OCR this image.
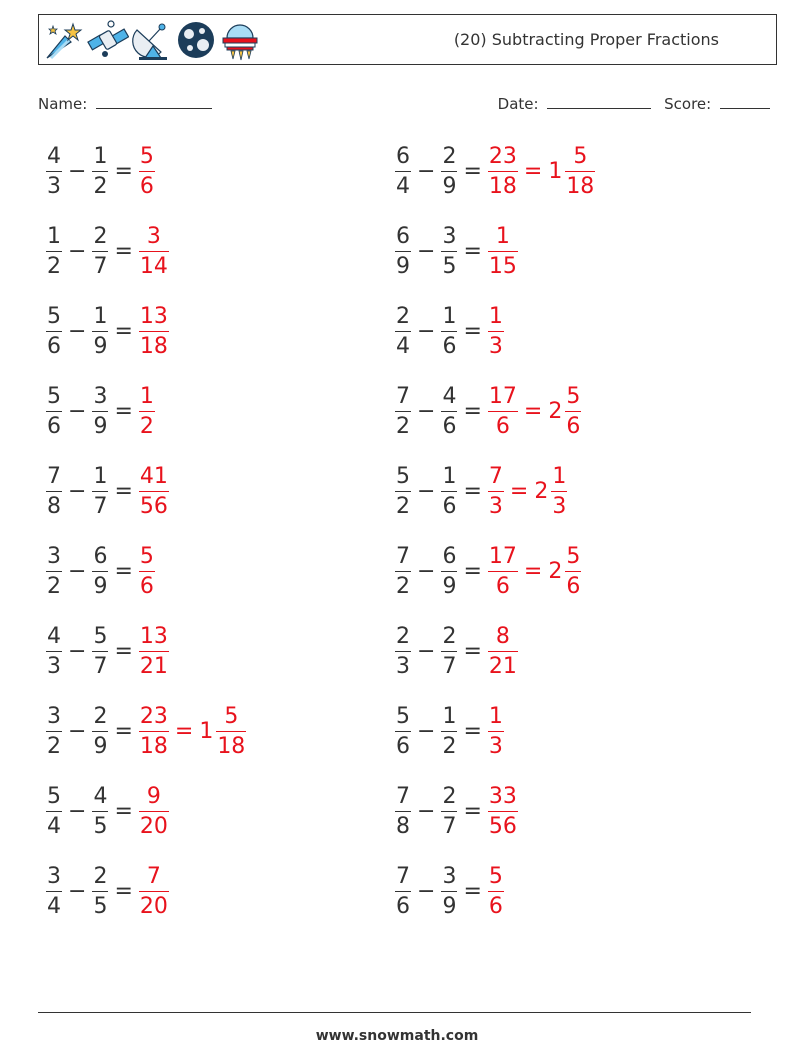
(20) Subtracting Proper Fractions
Name:	Date:	Score:
$\frac{4}{3} - \frac{1}{2} = \frac{5}{6}$
$\frac{1}{2} - \frac{2}{7} = \frac{3}{14}$
$\frac{5}{6} - \frac{1}{9} = \frac{13}{18}$
$\frac{5}{6} - \frac{3}{9} = \frac{1}{2}$
$\frac{7}{8} - \frac{1}{7} = \frac{41}{56}$
$\frac{3}{2} - \frac{6}{9} = \frac{5}{6}$
$\frac{4}{3} - \frac{5}{7} = \frac{13}{21}$
$\frac{3}{2} - \frac{2}{9} = \frac{23}{18} = 1 \frac{5}{18}$
$\frac{5}{4} - \frac{4}{5} = \frac{9}{20}$
$\frac{3}{4} - \frac{2}{5} = \frac{7}{20}$
$\frac{6}{4} - \frac{2}{9} = \frac{23}{18} = 1 \frac{5}{18}$
$\frac{6}{9} - \frac{3}{5} = \frac{1}{15}$
$\frac{2}{4} - \frac{1}{6} = \frac{1}{3}$
$\frac{7}{2} - \frac{4}{6} = \frac{17}{6} = 2 \frac{5}{6}$
$\frac{5}{2} - \frac{1}{6} = \frac{7}{3} = 2 \frac{1}{3}$
$\frac{7}{2} - \frac{6}{9} = \frac{17}{6} = 2 \frac{5}{6}$
$\frac{2}{3} - \frac{2}{7} = \frac{8}{21}$
$\frac{5}{6} - \frac{1}{2} = \frac{1}{3}$
$\frac{7}{8} - \frac{2}{7} = \frac{33}{56}$
$\frac{7}{6} - \frac{3}{9} = \frac{5}{6}$
www.snowmath.com
